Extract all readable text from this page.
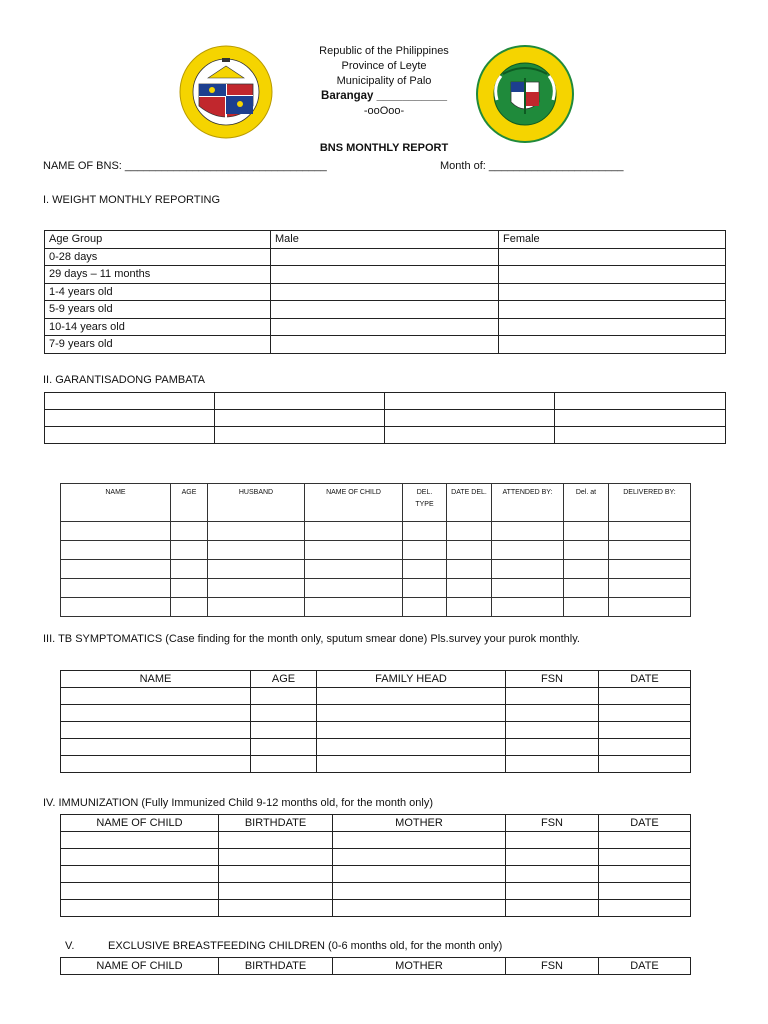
Republic of the Philippines
Province of Leyte
Municipality of Palo
Barangay ___________
-ooOoo-
BNS MONTHLY REPORT
NAME OF BNS: _________________________________	Month of: ______________________
I. WEIGHT MONTHLY REPORTING
Age Group	Male	Female
0-28 days		
29 days – 11 months		
1-4 years old		
5-9 years old		
10-14 years old		
7-9 years old		
II. GARANTISADONG PAMBATA

NAME	AGE	HUSBAND	NAME OF CHILD	DEL. TYPE	DATE DEL.	ATTENDED BY:	Del. at	DELIVERED BY:

III. TB SYMPTOMATICS (Case finding for the month only, sputum smear done) Pls.survey your purok monthly.
NAME	AGE	FAMILY HEAD	FSN	DATE

IV. IMMUNIZATION (Fully Immunized Child 9-12 months old, for the month only)
NAME OF CHILD	BIRTHDATE	MOTHER	FSN	DATE

V.	EXCLUSIVE BREASTFEEDING CHILDREN (0-6 months old, for the month only)
NAME OF CHILD	BIRTHDATE	MOTHER	FSN	DATE
